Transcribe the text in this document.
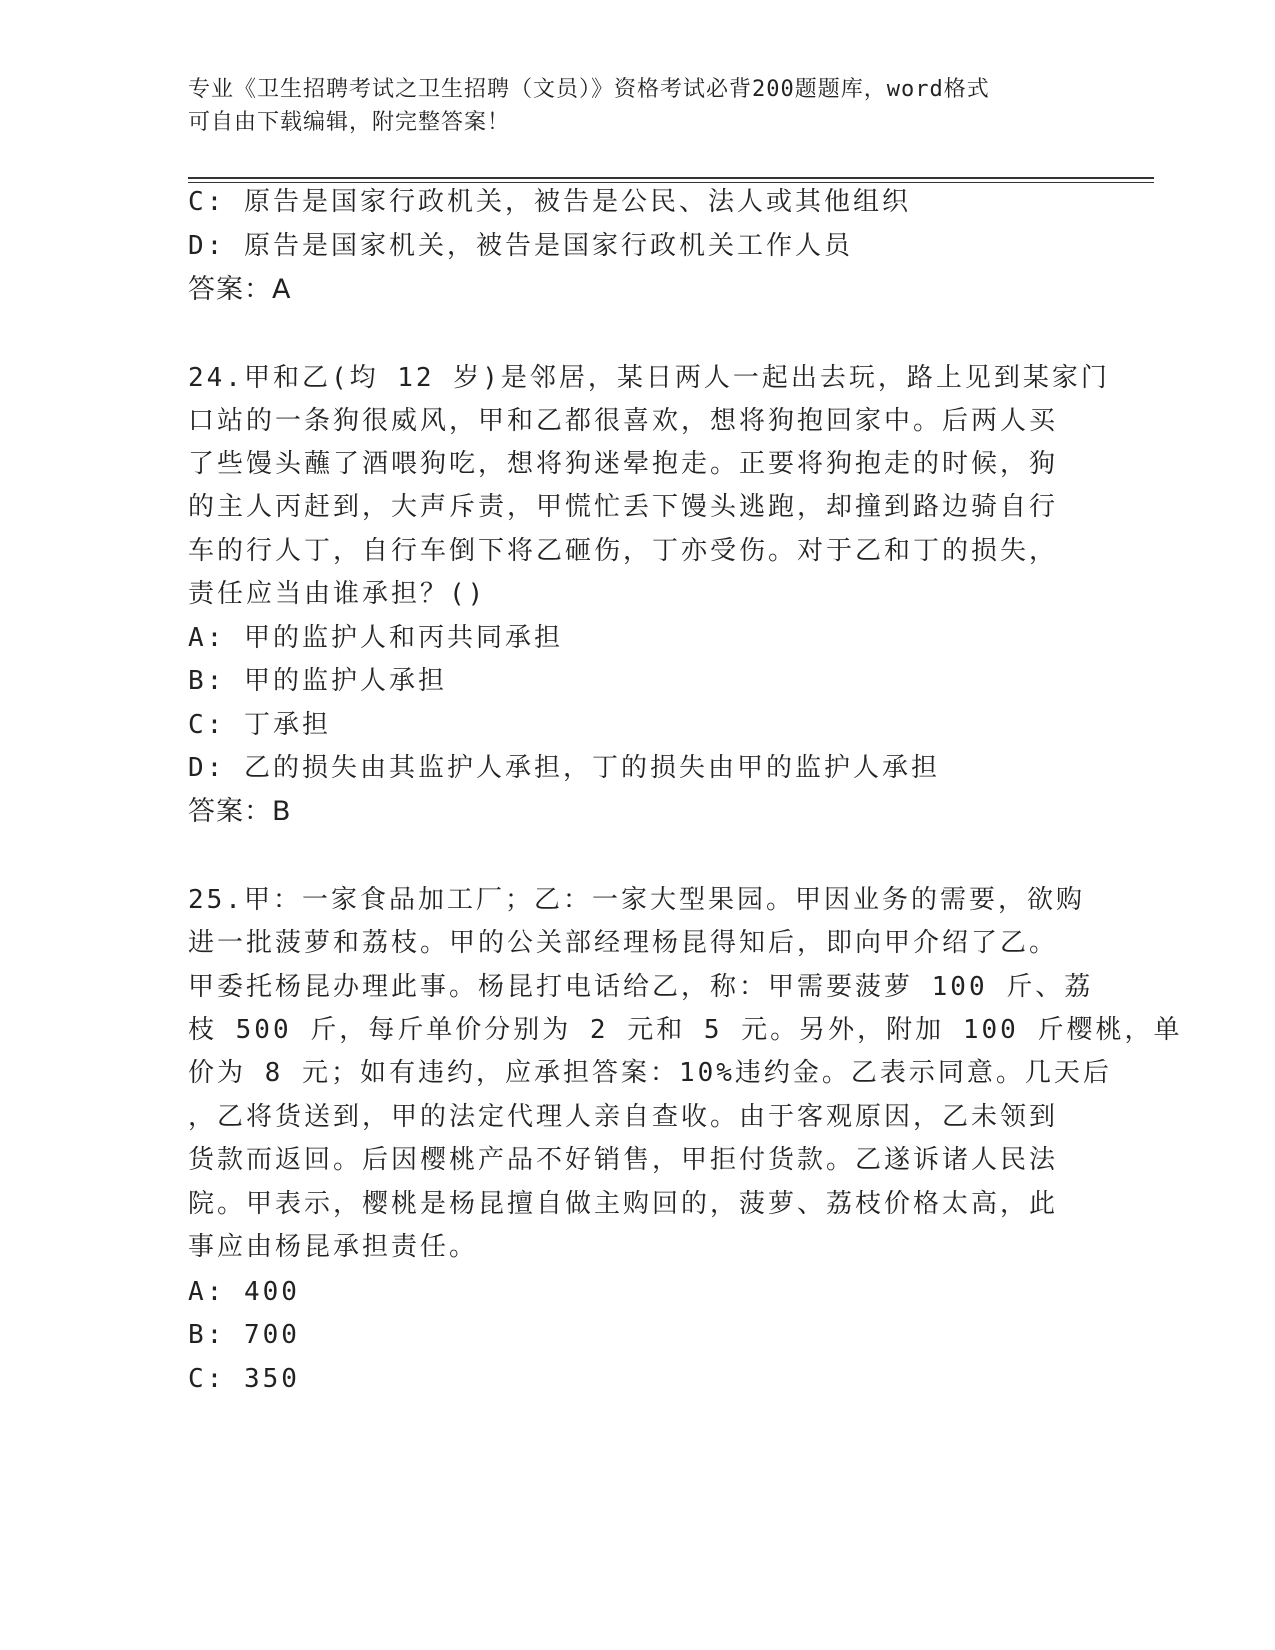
专业《卫生招聘考试之卫生招聘（文员）》资格考试必背200题题库，word格式
可自由下载编辑，附完整答案！
C: 原告是国家行政机关，被告是公民、法人或其他组织
D: 原告是国家机关，被告是国家行政机关工作人员
答案：A
24.甲和乙(均 12 岁)是邻居，某日两人一起出去玩，路上见到某家门
口站的一条狗很威风，甲和乙都很喜欢，想将狗抱回家中。后两人买
了些馒头蘸了酒喂狗吃，想将狗迷晕抱走。正要将狗抱走的时候，狗
的主人丙赶到，大声斥责，甲慌忙丢下馒头逃跑，却撞到路边骑自行
车的行人丁，自行车倒下将乙砸伤，丁亦受伤。对于乙和丁的损失，
责任应当由谁承担？()
A: 甲的监护人和丙共同承担
B: 甲的监护人承担
C: 丁承担
D: 乙的损失由其监护人承担，丁的损失由甲的监护人承担
答案：B
25.甲：一家食品加工厂；乙：一家大型果园。甲因业务的需要，欲购
进一批菠萝和荔枝。甲的公关部经理杨昆得知后，即向甲介绍了乙。
甲委托杨昆办理此事。杨昆打电话给乙，称：甲需要菠萝 100 斤、荔
枝 500 斤，每斤单价分别为 2 元和 5 元。另外，附加 100 斤樱桃，单
价为 8 元；如有违约，应承担答案：10%违约金。乙表示同意。几天后
，乙将货送到，甲的法定代理人亲自查收。由于客观原因，乙未领到
货款而返回。后因樱桃产品不好销售，甲拒付货款。乙遂诉诸人民法
院。甲表示，樱桃是杨昆擅自做主购回的，菠萝、荔枝价格太高，此
事应由杨昆承担责任。
A: 400
B: 700
C: 350
